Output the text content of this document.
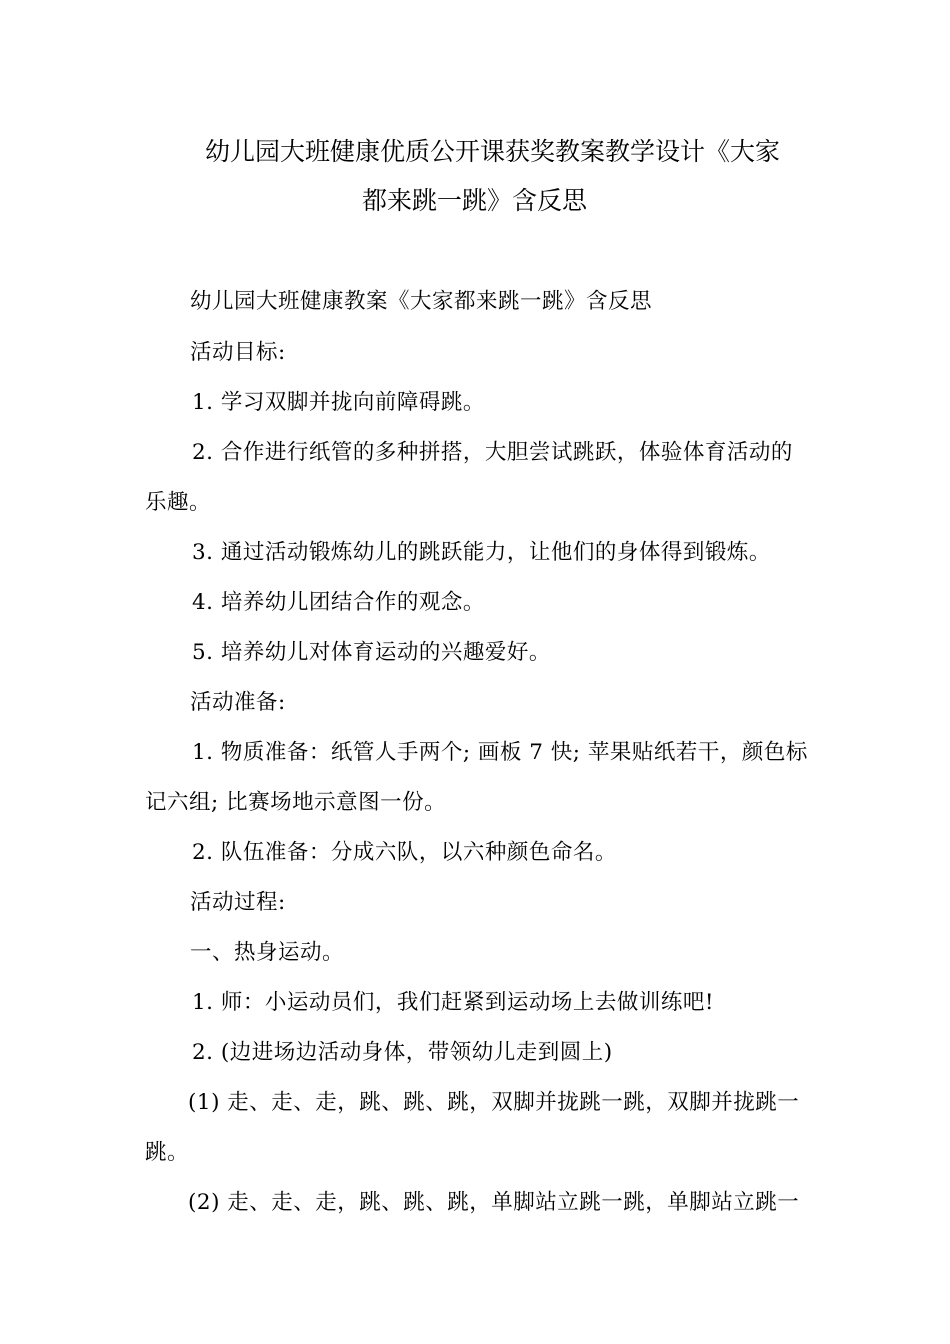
幼儿园大班健康优质公开课获奖教案教学设计《大家
都来跳一跳》含反思
幼儿园大班健康教案《大家都来跳一跳》含反思
活动目标:
1. 学习双脚并拢向前障碍跳。
2. 合作进行纸管的多种拼搭，大胆尝试跳跃，体验体育活动的
乐趣。
3. 通过活动锻炼幼儿的跳跃能力，让他们的身体得到锻炼。
4. 培养幼儿团结合作的观念。
5. 培养幼儿对体育运动的兴趣爱好。
活动准备:
1. 物质准备：纸管人手两个; 画板 7 快; 苹果贴纸若干，颜色标
记六组; 比赛场地示意图一份。
2. 队伍准备：分成六队，以六种颜色命名。
活动过程:
一、热身运动。
1. 师：小运动员们，我们赶紧到运动场上去做训练吧!
2. (边进场边活动身体，带领幼儿走到圆上)
(1) 走、走、走，跳、跳、跳，双脚并拢跳一跳，双脚并拢跳一
跳。
(2) 走、走、走，跳、跳、跳，单脚站立跳一跳，单脚站立跳一
